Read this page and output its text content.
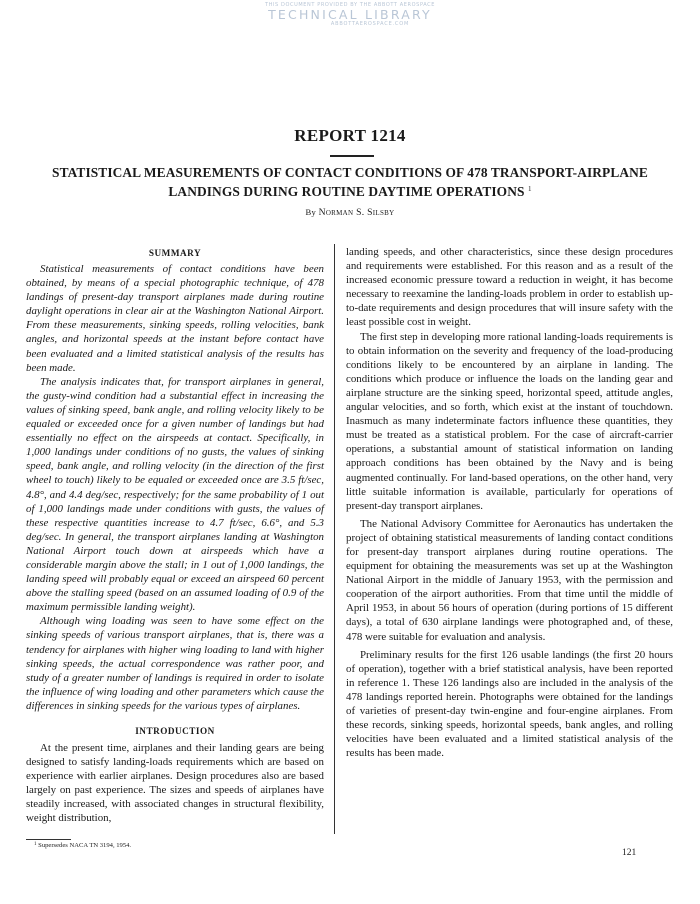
THIS DOCUMENT PROVIDED BY THE ABBOTT AEROSPACE
TECHNICAL LIBRARY
ABBOTTAEROSPACE.COM
REPORT 1214
STATISTICAL MEASUREMENTS OF CONTACT CONDITIONS OF 478 TRANSPORT-AIRPLANE LANDINGS DURING ROUTINE DAYTIME OPERATIONS $^1$
By Norman S. Silsby
SUMMARY

Statistical measurements of contact conditions have been obtained, by means of a special photographic technique, of 478 landings of present-day transport airplanes made during routine daylight operations in clear air at the Washington National Airport. From these measurements, sinking speeds, rolling velocities, bank angles, and horizontal speeds at the instant before contact have been evaluated and a limited statistical analysis of the results has been made.

The analysis indicates that, for transport airplanes in general, the gusty-wind condition had a substantial effect in increasing the values of sinking speed, bank angle, and rolling velocity likely to be equaled or exceeded once for a given number of landings but had essentially no effect on the airspeeds at contact. Specifically, in 1,000 landings under conditions of no gusts, the values of sinking speed, bank angle, and rolling velocity (in the direction of the first wheel to touch) likely to be equaled or exceeded once are 3.5 ft/sec, 4.8°, and 4.4 deg/sec, respectively; for the same probability of 1 out of 1,000 landings made under conditions with gusts, the values of these respective quantities increase to 4.7 ft/sec, 6.6°, and 5.3 deg/sec. In general, the transport airplanes landing at Washington National Airport touch down at airspeeds which have a considerable margin above the stall; in 1 out of 1,000 landings, the landing speed will probably equal or exceed an airspeed 60 percent above the stalling speed (based on an assumed loading of 0.9 of the maximum permissible landing weight).

Although wing loading was seen to have some effect on the sinking speeds of various transport airplanes, that is, there was a tendency for airplanes with higher wing loading to land with higher sinking speeds, the actual correspondence was rather poor, and study of a greater number of landings is required in order to isolate the influence of wing loading and other parameters which cause the differences in sinking speeds for the various types of airplanes.

INTRODUCTION

At the present time, airplanes and their landing gears are being designed to satisfy landing-loads requirements which are based on experience with earlier airplanes. Design procedures also are based largely on past experience. The sizes and speeds of airplanes have steadily increased, with associated changes in structural flexibility, weight distribution,

landing speeds, and other characteristics, since these design procedures and requirements were established. For this reason and as a result of the increased economic pressure toward a reduction in weight, it has become necessary to reexamine the landing-loads problem in order to establish up-to-date requirements and design procedures that will insure safety with the least possible cost in weight.

The first step in developing more rational landing-loads requirements is to obtain information on the severity and frequency of the load-producing conditions likely to be encountered by an airplane in landing. The conditions which produce or influence the loads on the landing gear and airplane structure are the sinking speed, horizontal speed, attitude angles, angular velocities, and so forth, which exist at the instant of touchdown. Inasmuch as many indeterminate factors influence these quantities, they must be treated as a statistical problem. For the case of aircraft-carrier operations, a substantial amount of statistical information on landing approach conditions has been obtained by the Navy and is being augmented continually. For land-based operations, on the other hand, very little suitable information is available, particularly for operations of present-day transport airplanes.

The National Advisory Committee for Aeronautics has undertaken the project of obtaining statistical measurements of landing contact conditions for present-day transport airplanes during routine operations. The equipment for obtaining the measurements was set up at the Washington National Airport in the middle of January 1953, with the permission and cooperation of the airport authorities. From that time until the middle of April 1953, in about 56 hours of operation (during portions of 15 different days), a total of 630 airplane landings were photographed and, of these, 478 were suitable for evaluation and analysis.

Preliminary results for the first 126 usable landings (the first 20 hours of operation), together with a brief statistical analysis, have been reported in reference 1. These 126 landings also are included in the analysis of the 478 landings reported herein. Photographs were obtained for the landings of varieties of present-day twin-engine and four-engine airplanes. From these records, sinking speeds, horizontal speeds, bank angles, and rolling velocities have been evaluated and a limited statistical analysis of the results has been made.

$^1$ Supersedes NACA TN 3194, 1954.
121
